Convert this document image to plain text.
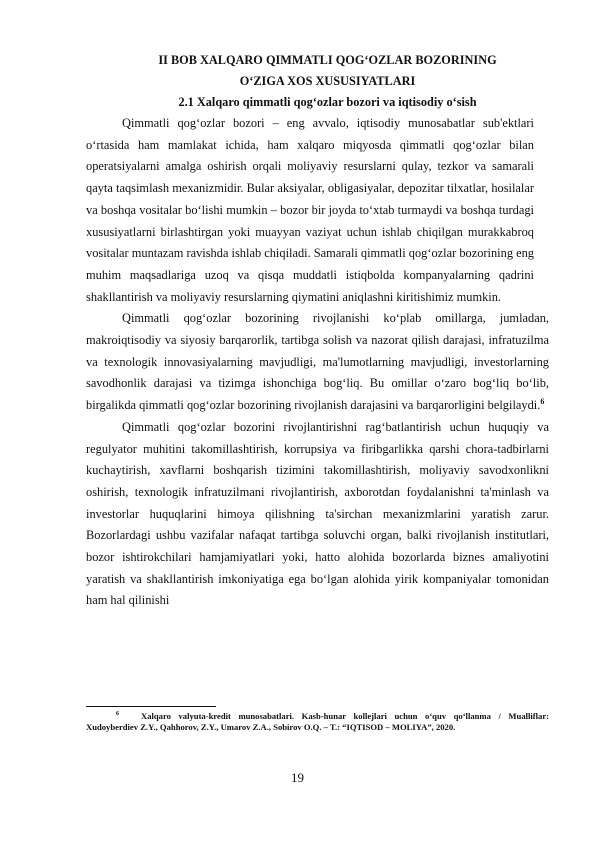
II BOB XALQARO QIMMATLI QOG‘OZLAR BOZORINING
O‘ZIGA XOS XUSUSIYATLARI

2.1 Xalqaro qimmatli qog‘ozlar bozori va iqtisodiy o‘sish

Qimmatli qog‘ozlar bozori – eng avvalo, iqtisodiy munosabatlar sub'ektlari o‘rtasida ham mamlakat ichida, ham xalqaro miqyosda qimmatli qog‘ozlar bilan operatsiyalarni amalga oshirish orqali moliyaviy resurslarni qulay, tezkor va samarali qayta taqsimlash mexanizmidir. Bular aksiyalar, obligasiyalar, depozitar tilxatlar, hosilalar va boshqa vositalar bo‘lishi mumkin – bozor bir joyda to‘xtab turmaydi va boshqa turdagi xususiyatlarni birlashtirgan yoki muayyan vaziyat uchun ishlab chiqilgan murakkabroq vositalar muntazam ravishda ishlab chiqiladi. Samarali qimmatli qog‘ozlar bozorining eng muhim maqsadlariga uzoq va qisqa muddatli istiqbolda kompanyalarning qadrini shakllantirish va moliyaviy resurslarning qiymatini aniqlashni kiritishimiz mumkin.

Qimmatli qog‘ozlar bozorining rivojlanishi ko‘plab omillarga, jumladan, makroiqtisodiy va siyosiy barqarorlik, tartibga solish va nazorat qilish darajasi, infratuzilma va texnologik innovasiyalarning mavjudligi, ma'lumotlarning mavjudligi, investorlarning savodhonlik darajasi va tizimga ishonchiga bog‘liq. Bu omillar o‘zaro bog‘liq bo‘lib, birgalikda qimmatli qog‘ozlar bozorining rivojlanish darajasini va barqarorligini belgilaydi.$^6$

Qimmatli qog‘ozlar bozorini rivojlantirishni rag‘batlantirish uchun huquqiy va regulyator muhitini takomillashtirish, korrupsiya va firibgarlikka qarshi chora-tadbirlarni kuchaytirish, xavflarni boshqarish tizimini takomillashtirish, moliyaviy savodxonlikni oshirish, texnologik infratuzilmani rivojlantirish, axborotdan foydalanishni ta'minlash va investorlar huquqlarini himoya qilishning ta'sirchan mexanizmlarini yaratish zarur. Bozorlardagi ushbu vazifalar nafaqat tartibga soluvchi organ, balki rivojlanish institutlari, bozor ishtirokchilari hamjamiyatlari yoki, hatto alohida bozorlarda biznes amaliyotini yaratish va shakllantirish imkoniyatiga ega bo‘lgan alohida yirik kompaniyalar tomonidan ham hal qilinishi

$^6$	Xalqaro valyuta-kredit munosabatlari. Kasb-hunar kollejlari uchun o‘quv qo‘llanma / Mualliflar: Xudoyberdiev Z.Y., Qahhorov, Z.Y., Umarov Z.A., Sobirov O.Q. – T.: “IQTISOD – MOLIYA”, 2020.
19
